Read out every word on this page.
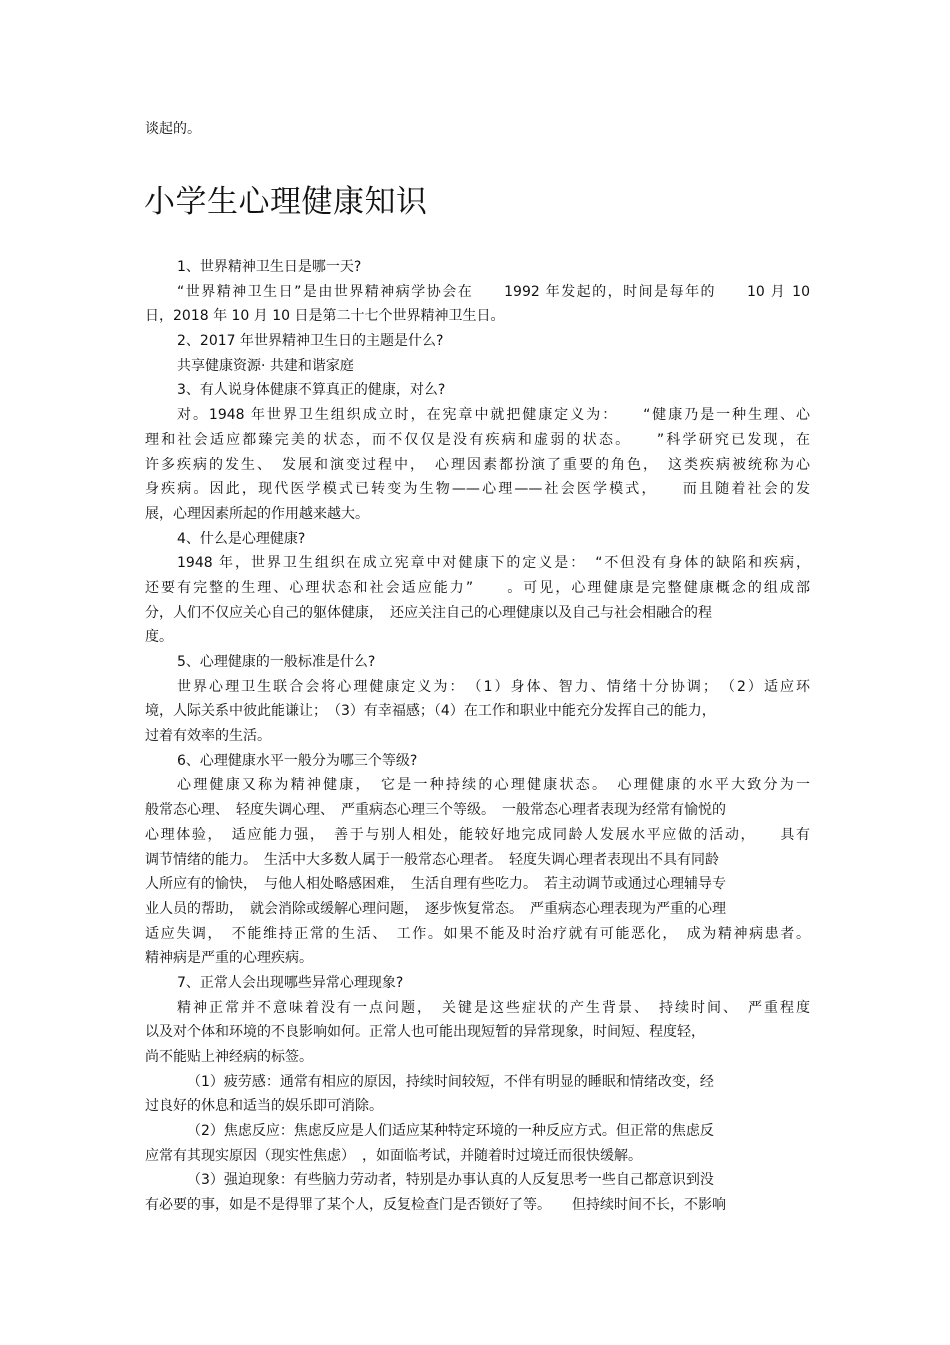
谈起的。
小学生心理健康知识
1、世界精神卫生日是哪一天?
“世界精神卫生日”是由世界精神病学协会在　　1992 年发起的，时间是每年的　　10 月 10
日，2018 年 10 月 10 日是第二十七个世界精神卫生日。
2、2017 年世界精神卫生日的主题是什么?
共享健康资源· 共建和谐家庭
3、有人说身体健康不算真正的健康，对么?
对。1948 年世界卫生组织成立时，在宪章中就把健康定义为：　　“健康乃是一种生理、心
理和社会适应都臻完美的状态，而不仅仅是没有疾病和虚弱的状态。　　”科学研究已发现，在
许多疾病的发生、　发展和演变过程中，　心理因素都扮演了重要的角色，　这类疾病被统称为心
身疾病。因此，现代医学模式已转变为生物——心理——社会医学模式，　　而且随着社会的发
展，心理因素所起的作用越来越大。
4、什么是心理健康?
1948 年，世界卫生组织在成立宪章中对健康下的定义是：　“不但没有身体的缺陷和疾病，
还要有完整的生理、心理状态和社会适应能力”　　。可见，心理健康是完整健康概念的组成部
分，人们不仅应关心自己的躯体健康，　还应关注自己的心理健康以及自己与社会相融合的程
度。
5、心理健康的一般标准是什么?
世界心理卫生联合会将心理健康定义为：　（1）身体、智力、情绪十分协调；　（2）适应环
境，人际关系中彼此能谦让；　（3）有幸福感；（4）在工作和职业中能充分发挥自己的能力，
过着有效率的生活。
6、心理健康水平一般分为哪三个等级?
心理健康又称为精神健康，　它是一种持续的心理健康状态。　心理健康的水平大致分为一
般常态心理、　轻度失调心理、　严重病态心理三个等级。　一般常态心理者表现为经常有愉悦的
心理体验，　适应能力强，　善于与别人相处，能较好地完成同龄人发展水平应做的活动，　　具有
调节情绪的能力。　生活中大多数人属于一般常态心理者。　轻度失调心理者表现出不具有同龄
人所应有的愉快，　与他人相处略感困难，　生活自理有些吃力。　若主动调节或通过心理辅导专
业人员的帮助，　就会消除或缓解心理问题，　逐步恢复常态。　严重病态心理表现为严重的心理
适应失调，　不能维持正常的生活、　工作。如果不能及时治疗就有可能恶化，　成为精神病患者。
精神病是严重的心理疾病。
7、正常人会出现哪些异常心理现象?
精神正常并不意味着没有一点问题，　关键是这些症状的产生背景、　持续时间、　严重程度
以及对个体和环境的不良影响如何。正常人也可能出现短暂的异常现象，时间短、程度轻，
尚不能贴上神经病的标签。
（1）疲劳感：通常有相应的原因，持续时间较短，不伴有明显的睡眠和情绪改变，经
过良好的休息和适当的娱乐即可消除。
（2）焦虑反应：焦虑反应是人们适应某种特定环境的一种反应方式。但正常的焦虑反
应常有其现实原因（现实性焦虑）　，如面临考试，并随着时过境迁而很快缓解。
（3）强迫现象：有些脑力劳动者，特别是办事认真的人反复思考一些自己都意识到没
有必要的事，如是不是得罪了某个人，反复检查门是否锁好了等。　　但持续时间不长，不影响
